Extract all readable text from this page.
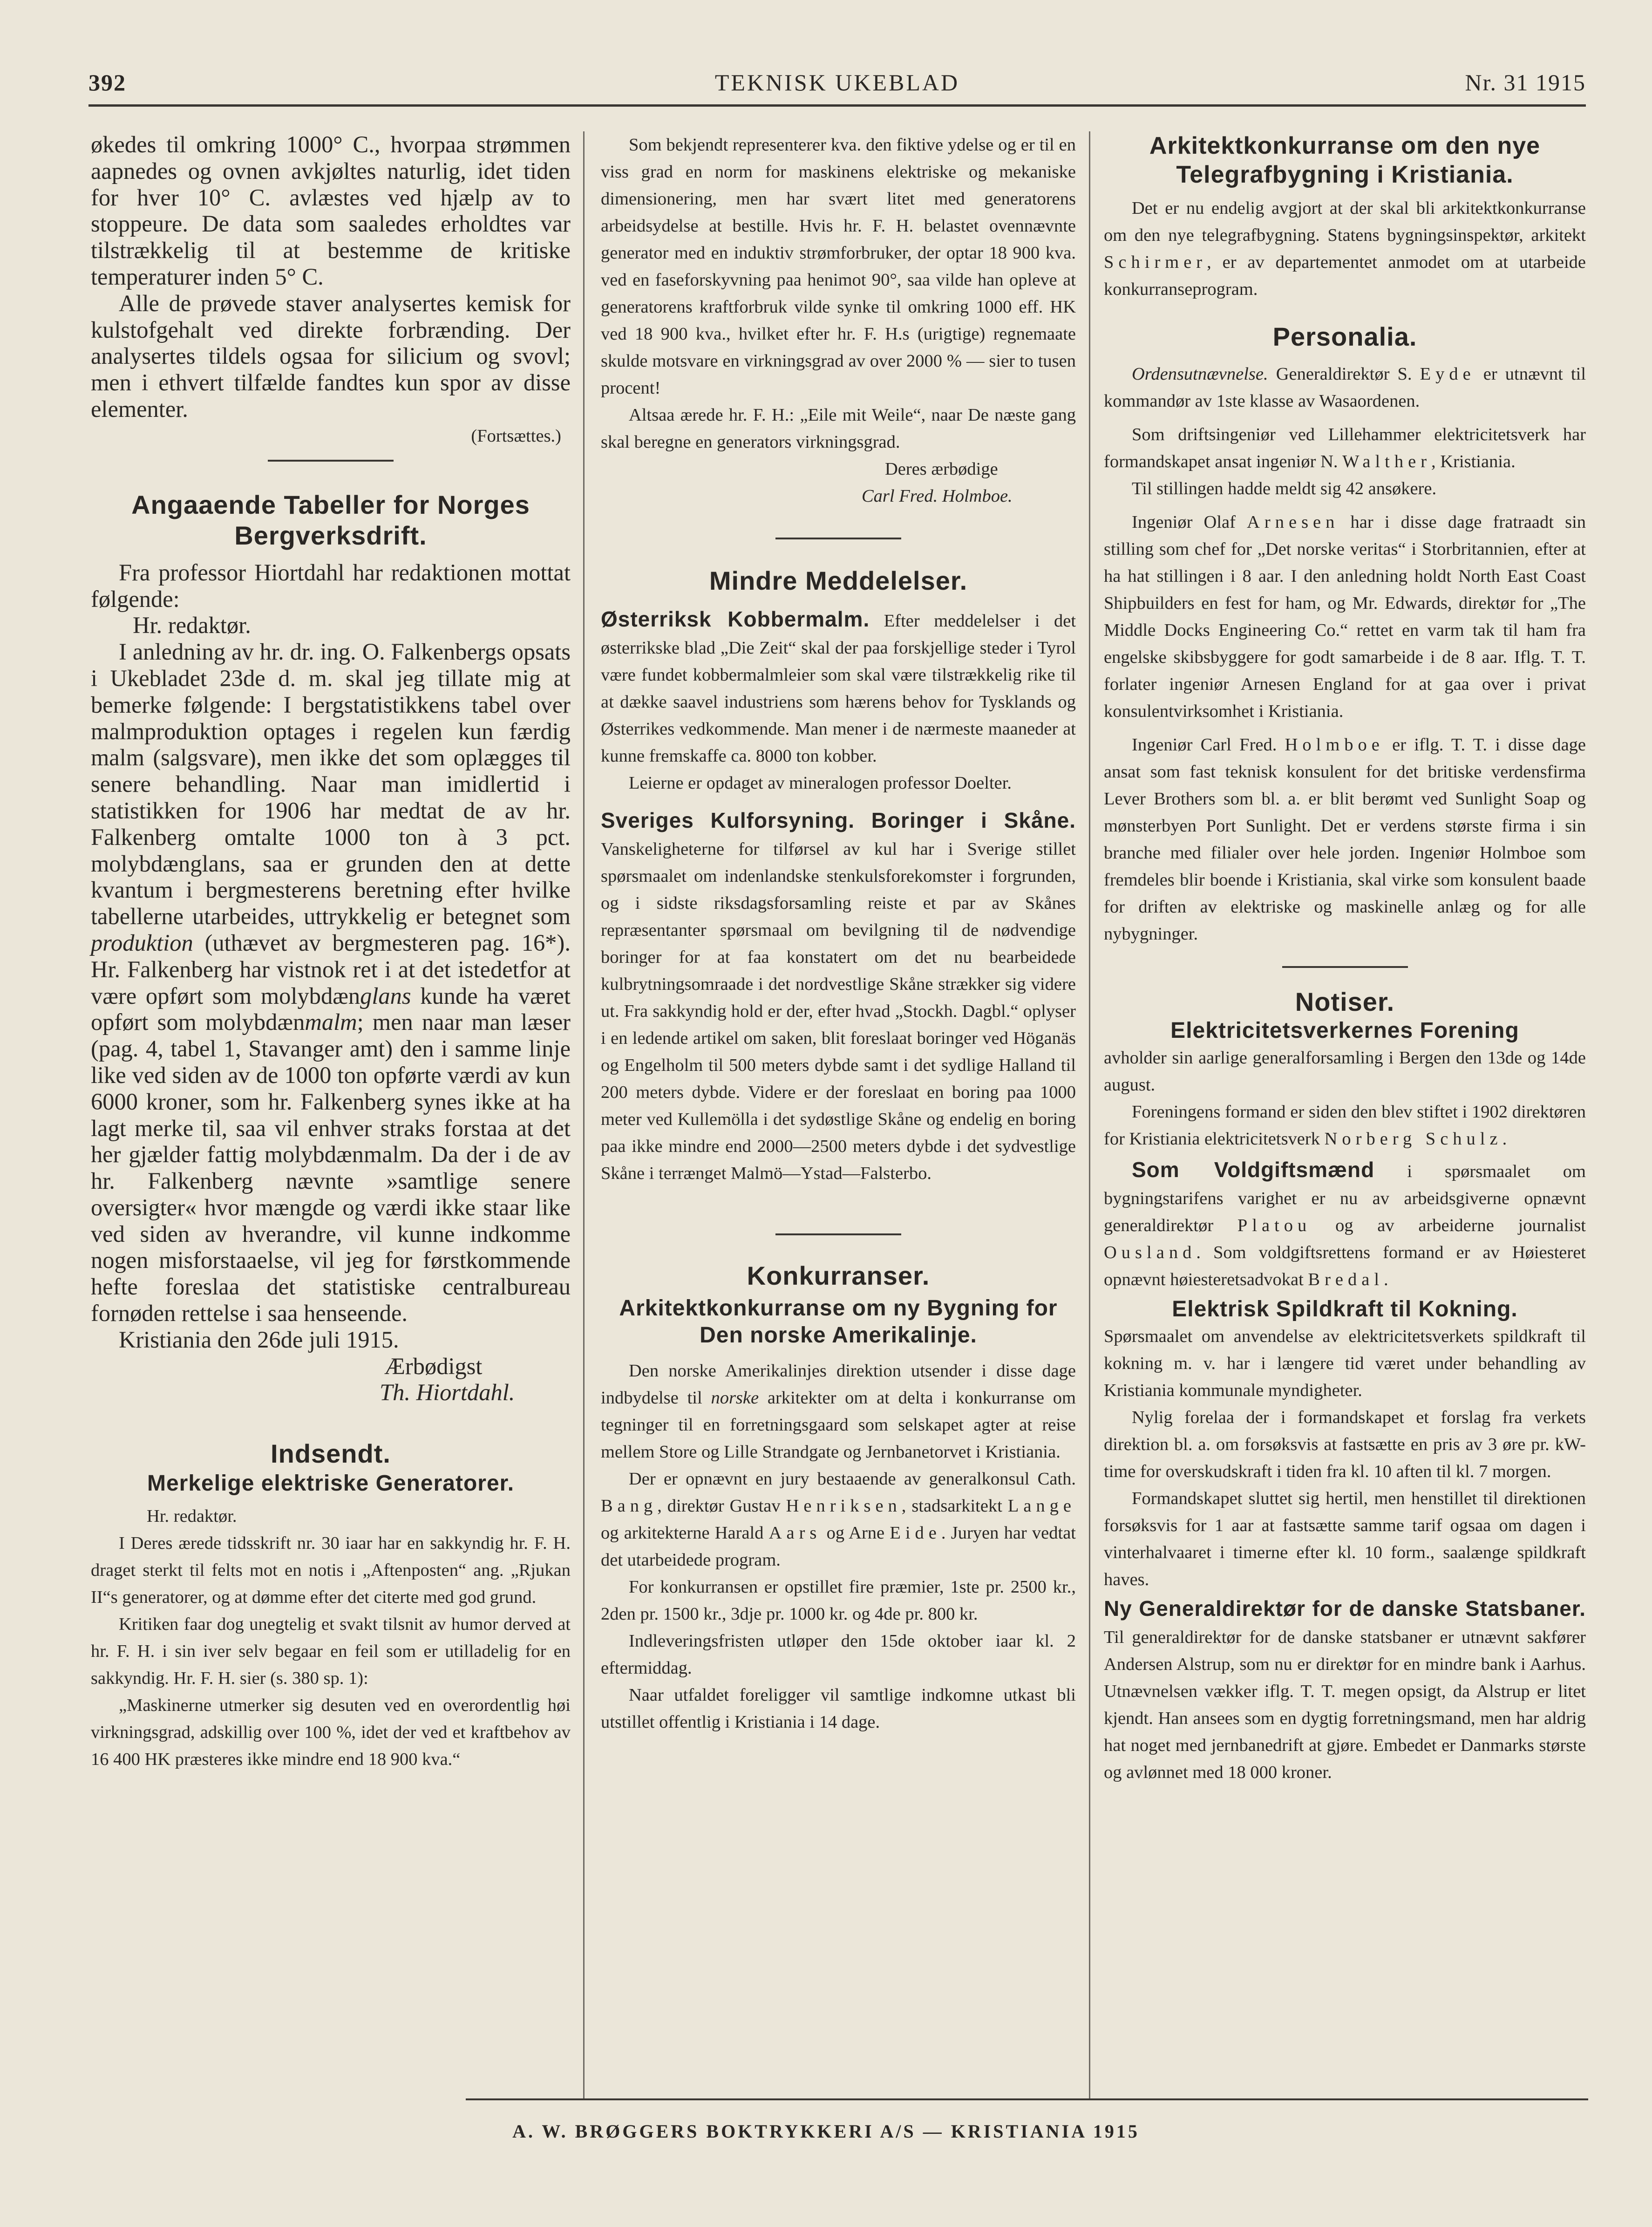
392	TEKNISK UKEBLAD	Nr. 31 1915

økedes til omkring 1000° C., hvorpaa strømmen aapnedes og ovnen avkjøltes naturlig, idet tiden for hver 10° C. avlæstes ved hjælp av to stoppeure. De data som saaledes erholdtes var tilstrækkelig til at bestemme de kritiske temperaturer inden 5° C.

Alle de prøvede staver analysertes kemisk for kulstofgehalt ved direkte forbrænding. Der analysertes tildels ogsaa for silicium og svovl; men i ethvert tilfælde fandtes kun spor av disse elementer.

(Fortsættes.)

Angaaende Tabeller for Norges Bergverksdrift.

Fra professor Hiortdahl har redaktionen mottat følgende:

Hr. redaktør.

I anledning av hr. dr. ing. O. Falkenbergs opsats i Ukebladet 23de d. m. skal jeg tillate mig at bemerke følgende: I bergstatistikkens tabel over malmproduktion optages i regelen kun færdig malm (salgsvare), men ikke det som oplægges til senere behandling. Naar man imidlertid i statistikken for 1906 har medtat de av hr. Falkenberg omtalte 1000 ton à 3 pct. molybdænglans, saa er grunden den at dette kvantum i bergmesterens beretning efter hvilke tabellerne utarbeides, uttrykkelig er betegnet som produktion (uthævet av bergmesteren pag. 16*). Hr. Falkenberg har vistnok ret i at det istedetfor at være opført som molybdænglans kunde ha været opført som molybdænmalm; men naar man læser (pag. 4, tabel 1, Stavanger amt) den i samme linje like ved siden av de 1000 ton opførte værdi av kun 6000 kroner, som hr. Falkenberg synes ikke at ha lagt merke til, saa vil enhver straks forstaa at det her gjælder fattig molybdænmalm. Da der i de av hr. Falkenberg nævnte »samtlige senere oversigter« hvor mængde og værdi ikke staar like ved siden av hverandre, vil kunne indkomme nogen misforstaaelse, vil jeg for førstkommende hefte foreslaa det statistiske centralbureau fornøden rettelse i saa henseende.

Kristiania den 26de juli 1915.

Ærbødigst

Th. Hiortdahl.

Indsendt.
Merkelige elektriske Generatorer.

Hr. redaktør.

I Deres ærede tidsskrift nr. 30 iaar har en sakkyndig hr. F. H. draget sterkt til felts mot en notis i „Aftenposten“ ang. „Rjukan II“s generatorer, og at dømme efter det citerte med god grund.

Kritiken faar dog unegtelig et svakt tilsnit av humor derved at hr. F. H. i sin iver selv begaar en feil som er utilladelig for en sakkyndig. Hr. F. H. sier (s. 380 sp. 1):

„Maskinerne utmerker sig desuten ved en overordentlig høi virkningsgrad, adskillig over 100 %, idet der ved et kraftbehov av 16 400 HK præsteres ikke mindre end 18 900 kva.“

Som bekjendt representerer kva. den fiktive ydelse og er til en viss grad en norm for maskinens elektriske og mekaniske dimensionering, men har svært litet med generatorens arbeidsydelse at bestille. Hvis hr. F. H. belastet ovennævnte generator med en induktiv strømforbruker, der optar 18 900 kva. ved en faseforskyvning paa henimot 90°, saa vilde han opleve at generatorens kraftforbruk vilde synke til omkring 1000 eff. HK ved 18 900 kva., hvilket efter hr. F. H.s (urigtige) regnemaate skulde motsvare en virkningsgrad av over 2000 % — sier to tusen procent!

Altsaa ærede hr. F. H.: „Eile mit Weile“, naar De næste gang skal beregne en generators virkningsgrad.

Deres ærbødige

Carl Fred. Holmboe.

Mindre Meddelelser.

Østerriksk Kobbermalm. Efter meddelelser i det østerrikske blad „Die Zeit“ skal der paa forskjellige steder i Tyrol være fundet kobbermalmleier som skal være tilstrækkelig rike til at dække saavel industriens som hærens behov for Tysklands og Østerrikes vedkommende. Man mener i de nærmeste maaneder at kunne fremskaffe ca. 8000 ton kobber.

Leierne er opdaget av mineralogen professor Doelter.

Sveriges Kulforsyning. Boringer i Skåne. Vanskeligheterne for tilførsel av kul har i Sverige stillet spørsmaalet om indenlandske stenkulsforekomster i forgrunden, og i sidste riksdagsforsamling reiste et par av Skånes repræsentanter spørsmaal om bevilgning til de nødvendige boringer for at faa konstatert om det nu bearbeidede kulbrytningsomraade i det nordvestlige Skåne strækker sig videre ut. Fra sakkyndig hold er der, efter hvad „Stockh. Dagbl.“ oplyser i en ledende artikel om saken, blit foreslaat boringer ved Höganäs og Engelholm til 500 meters dybde samt i det sydlige Halland til 200 meters dybde. Videre er der foreslaat en boring paa 1000 meter ved Kullemölla i det sydøstlige Skåne og endelig en boring paa ikke mindre end 2000—2500 meters dybde i det sydvestlige Skåne i terrænget Malmö—Ystad—Falsterbo.

Konkurranser.
Arkitektkonkurranse om ny Bygning for Den norske Amerikalinje.

Den norske Amerikalinjes direktion utsender i disse dage indbydelse til norske arkitekter om at delta i konkurranse om tegninger til en forretningsgaard som selskapet agter at reise mellem Store og Lille Strandgate og Jernbanetorvet i Kristiania.

Der er opnævnt en jury bestaaende av generalkonsul Cath. Bang, direktør Gustav Henriksen, stadsarkitekt Lange og arkitekterne Harald Aars og Arne Eide. Juryen har vedtat det utarbeidede program.

For konkurransen er opstillet fire præmier, 1ste pr. 2500 kr., 2den pr. 1500 kr., 3dje pr. 1000 kr. og 4de pr. 800 kr.

Indleveringsfristen utløper den 15de oktober iaar kl. 2 eftermiddag.

Naar utfaldet foreligger vil samtlige indkomne utkast bli utstillet offentlig i Kristiania i 14 dage.

Arkitektkonkurranse om den nye Telegrafbygning i Kristiania.

Det er nu endelig avgjort at der skal bli arkitektkonkurranse om den nye telegrafbygning. Statens bygningsinspektør, arkitekt Schirmer, er av departementet anmodet om at utarbeide konkurranseprogram.

Personalia.

Ordensutnævnelse. Generaldirektør S. Eyde er utnævnt til kommandør av 1ste klasse av Wasaordenen.

Som driftsingeniør ved Lillehammer elektricitetsverk har formandskapet ansat ingeniør N. Walther, Kristiania.

Til stillingen hadde meldt sig 42 ansøkere.

Ingeniør Olaf Arnesen har i disse dage fratraadt sin stilling som chef for „Det norske veritas“ i Storbritannien, efter at ha hat stillingen i 8 aar. I den anledning holdt North East Coast Shipbuilders en fest for ham, og Mr. Edwards, direktør for „The Middle Docks Engineering Co.“ rettet en varm tak til ham fra engelske skibsbyggere for godt samarbeide i de 8 aar. Iflg. T. T. forlater ingeniør Arnesen England for at gaa over i privat konsulentvirksomhet i Kristiania.

Ingeniør Carl Fred. Holmboe er iflg. T. T. i disse dage ansat som fast teknisk konsulent for det britiske verdensfirma Lever Brothers som bl. a. er blit berømt ved Sunlight Soap og mønsterbyen Port Sunlight. Det er verdens største firma i sin branche med filialer over hele jorden. Ingeniør Holmboe som fremdeles blir boende i Kristiania, skal virke som konsulent baade for driften av elektriske og maskinelle anlæg og for alle nybygninger.

Notiser.
Elektricitetsverkernes Forening

avholder sin aarlige generalforsamling i Bergen den 13de og 14de august.

Foreningens formand er siden den blev stiftet i 1902 direktøren for Kristiania elektricitetsverk Norberg Schulz.

Som Voldgiftsmænd i spørsmaalet om bygningstarifens varighet er nu av arbeidsgiverne opnævnt generaldirektør Platou og av arbeiderne journalist Ousland. Som voldgiftsrettens formand er av Høiesteret opnævnt høiesteretsadvokat Bredal.

Elektrisk Spildkraft til Kokning.

Spørsmaalet om anvendelse av elektricitetsverkets spildkraft til kokning m. v. har i længere tid været under behandling av Kristiania kommunale myndigheter.

Nylig forelaa der i formandskapet et forslag fra verkets direktion bl. a. om forsøksvis at fastsætte en pris av 3 øre pr. kW-time for overskudskraft i tiden fra kl. 10 aften til kl. 7 morgen.

Formandskapet sluttet sig hertil, men henstillet til direktionen forsøksvis for 1 aar at fastsætte samme tarif ogsaa om dagen i vinterhalvaaret i timerne efter kl. 10 form., saalænge spildkraft haves.

Ny Generaldirektør for de danske Statsbaner. Til generaldirektør for de danske statsbaner er utnævnt sakfører Andersen Alstrup, som nu er direktør for en mindre bank i Aarhus. Utnævnelsen vækker iflg. T. T. megen opsigt, da Alstrup er litet kjendt. Han ansees som en dygtig forretningsmand, men har aldrig hat noget med jernbanedrift at gjøre. Embedet er Danmarks største og avlønnet med 18 000 kroner.

A. W. BRØGGERS BOKTRYKKERI A/S — KRISTIANIA 1915
